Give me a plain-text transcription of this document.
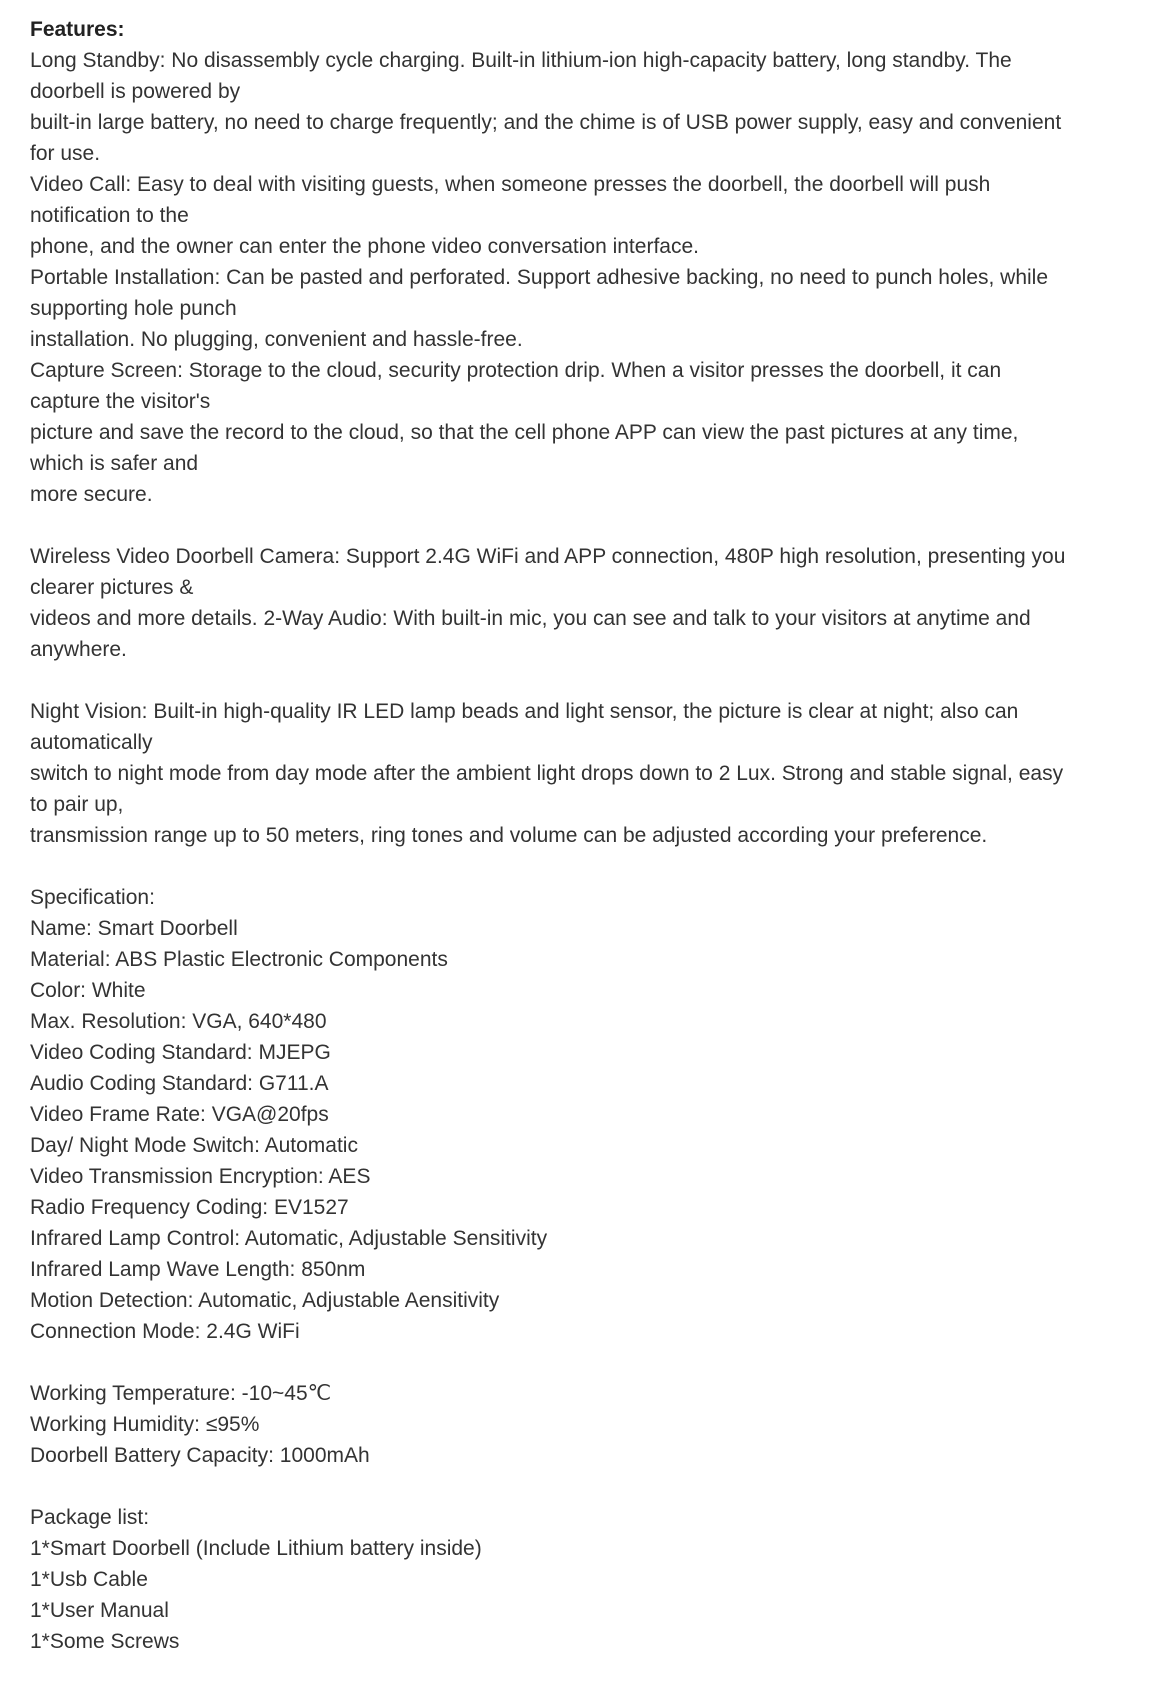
Features:
Long Standby: No disassembly cycle charging. Built-in lithium-ion high-capacity battery, long standby. The
doorbell is powered by
built-in large battery, no need to charge frequently; and the chime is of USB power supply, easy and convenient
for use.
Video Call: Easy to deal with visiting guests, when someone presses the doorbell, the doorbell will push
notification to the
phone, and the owner can enter the phone video conversation interface.
Portable Installation: Can be pasted and perforated. Support adhesive backing, no need to punch holes, while
supporting hole punch
installation. No plugging, convenient and hassle-free.
Capture Screen: Storage to the cloud, security protection drip. When a visitor presses the doorbell, it can
capture the visitor's
picture and save the record to the cloud, so that the cell phone APP can view the past pictures at any time,
which is safer and
more secure.
Wireless Video Doorbell Camera: Support 2.4G WiFi and APP connection, 480P high resolution, presenting you
clearer pictures &
videos and more details. 2-Way Audio: With built-in mic, you can see and talk to your visitors at anytime and
anywhere.
Night Vision: Built-in high-quality IR LED lamp beads and light sensor, the picture is clear at night; also can
automatically
switch to night mode from day mode after the ambient light drops down to 2 Lux. Strong and stable signal, easy
to pair up,
transmission range up to 50 meters, ring tones and volume can be adjusted according your preference.
Specification:
Name: Smart Doorbell
Material: ABS Plastic Electronic Components
Color: White
Max. Resolution: VGA, 640*480
Video Coding Standard: MJEPG
Audio Coding Standard: G711.A
Video Frame Rate: VGA@20fps
Day/ Night Mode Switch: Automatic
Video Transmission Encryption: AES
Radio Frequency Coding: EV1527
Infrared Lamp Control: Automatic, Adjustable Sensitivity
Infrared Lamp Wave Length: 850nm
Motion Detection: Automatic, Adjustable Aensitivity
Connection Mode: 2.4G WiFi
Working Temperature: -10~45℃
Working Humidity: ≤95%
Doorbell Battery Capacity: 1000mAh
Package list:
1*Smart Doorbell (Include Lithium battery inside)
1*Usb Cable
1*User Manual
1*Some Screws
